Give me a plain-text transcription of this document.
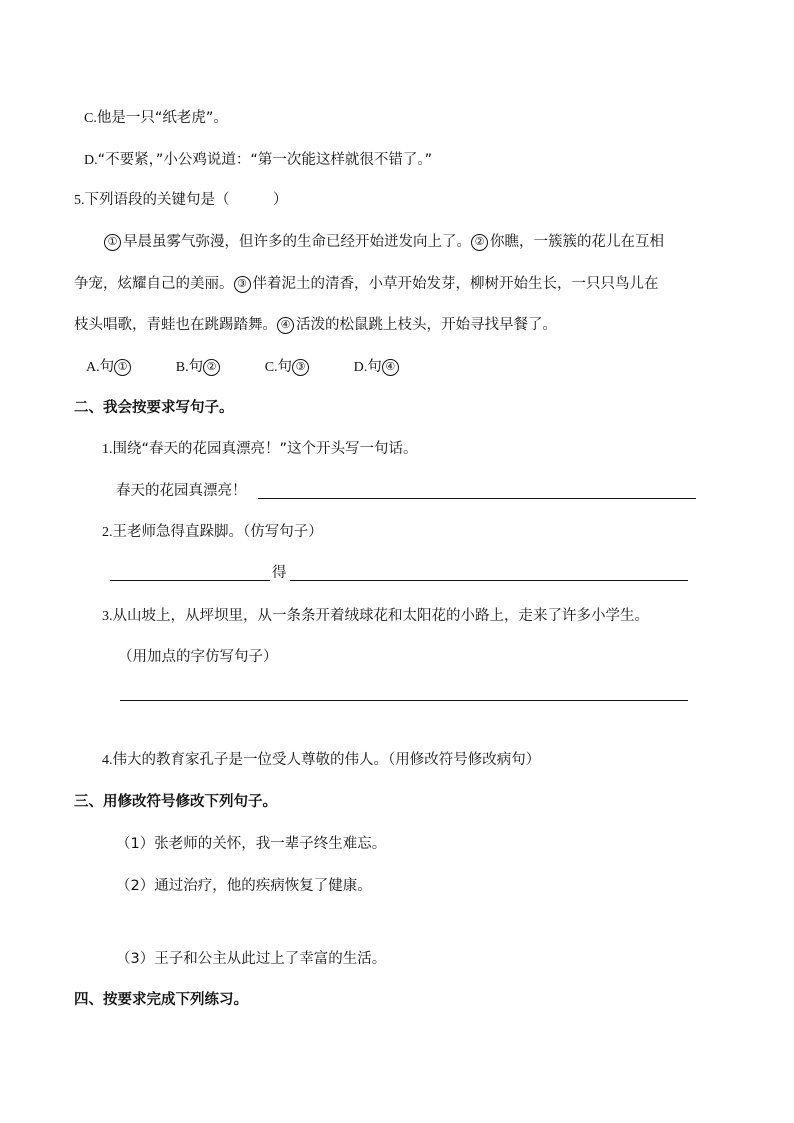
C.他是一只“纸老虎”。
D.“不要紧，”小公鸡说道：“第一次能这样就很不错了。”
5.下列语段的关键句是（　　　）
① 早晨虽雾气弥漫，但许多的生命已经开始迸发向上了。 ② 你瞧，一簇簇的花儿在互相
争宠，炫耀自己的美丽。 ③ 伴着泥土的清香，小草开始发芽，柳树开始生长，一只只鸟儿在
枝头唱歌，青蛙也在跳踢踏舞。 ④ 活泼的松鼠跳上枝头，开始寻找早餐了。
A.句 ①	B.句 ②	C.句 ③	D.句 ④
二、我会按要求写句子。
1.围绕“春天的花园真漂亮！”这个开头写一句话。
春天的花园真漂亮！
2.王老师急得直跺脚。（仿写句子）
得
3.从山坡上，从坪坝里，从一条条开着绒球花和太阳花的小路上，走来了许多小学生。
（用加点的字仿写句子）
4.伟大的教育家孔子是一位受人尊敬的伟人。（用修改符号修改病句）
三、用修改符号修改下列句子。
（1）张老师的关怀，我一辈子终生难忘。
（2）通过治疗，他的疾病恢复了健康。
（3）王子和公主从此过上了幸富的生活。
四、按要求完成下列练习。
